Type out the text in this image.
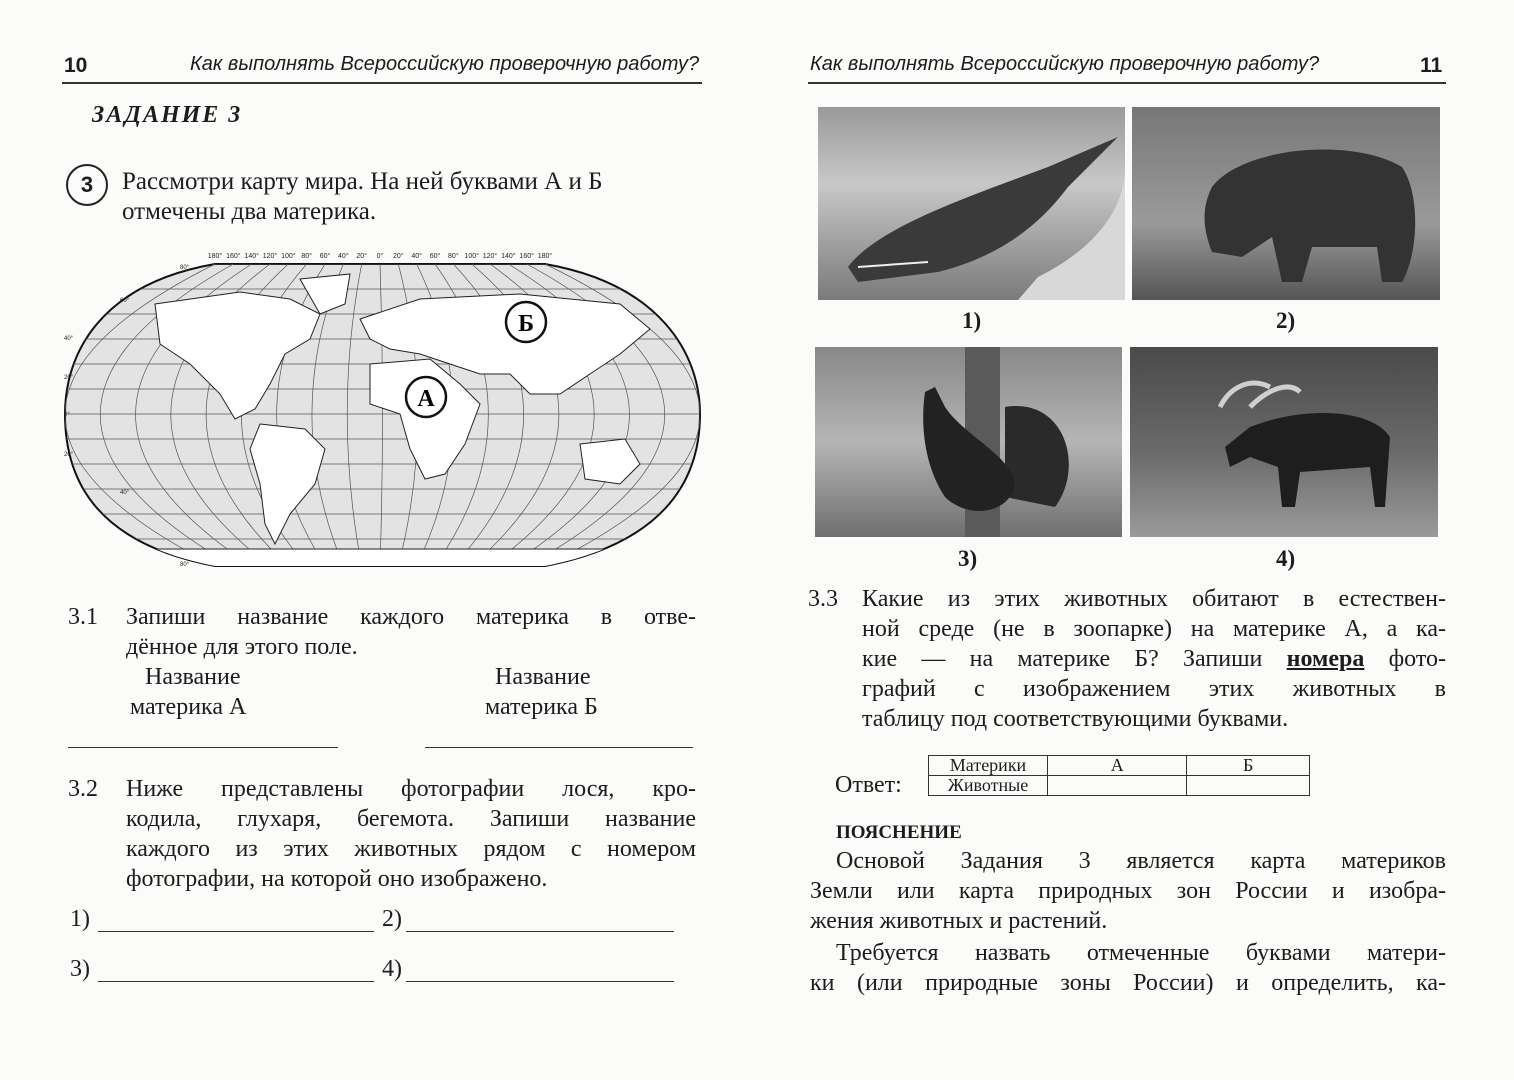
10	Как выполнять Всероссийскую проверочную работу?
ЗАДАНИЕ 3
3	Рассмотри карту мира. На ней буквами А и Б
отмечены два материка.
180° 160° 140° 120° 100° 80° 60° 40° 20° 0° 20° 40° 60° 80° 100° 120° 140° 160° 180°
80°
60°
40°
20°
0°
20°
40°
80°
А
Б
3.1 Запиши название каждого материка в отве-
дённое для этого поле.
Название
материка А
Название
материка Б
3.2 Ниже представлены фотографии лося, кро-
кодила, глухаря, бегемота. Запиши название
каждого из этих животных рядом с номером
фотографии, на которой оно изображено.
1)	2)
3)	4)
Как выполнять Всероссийскую проверочную работу?	11
1)	2)
3)	4)
3.3 Какие из этих животных обитают в естествен-
ной среде (не в зоопарке) на материке А, а ка-
кие — на материке Б? Запиши номера фото-
графий с изображением этих животных в
таблицу под соответствующими буквами.
Ответ:
Материки	А	Б
Животные		
ПОЯСНЕНИЕ
Основой Задания 3 является карта материков
Земли или карта природных зон России и изобра-
жения животных и растений.
Требуется назвать отмеченные буквами матери-
ки (или природные зоны России) и определить, ка-
